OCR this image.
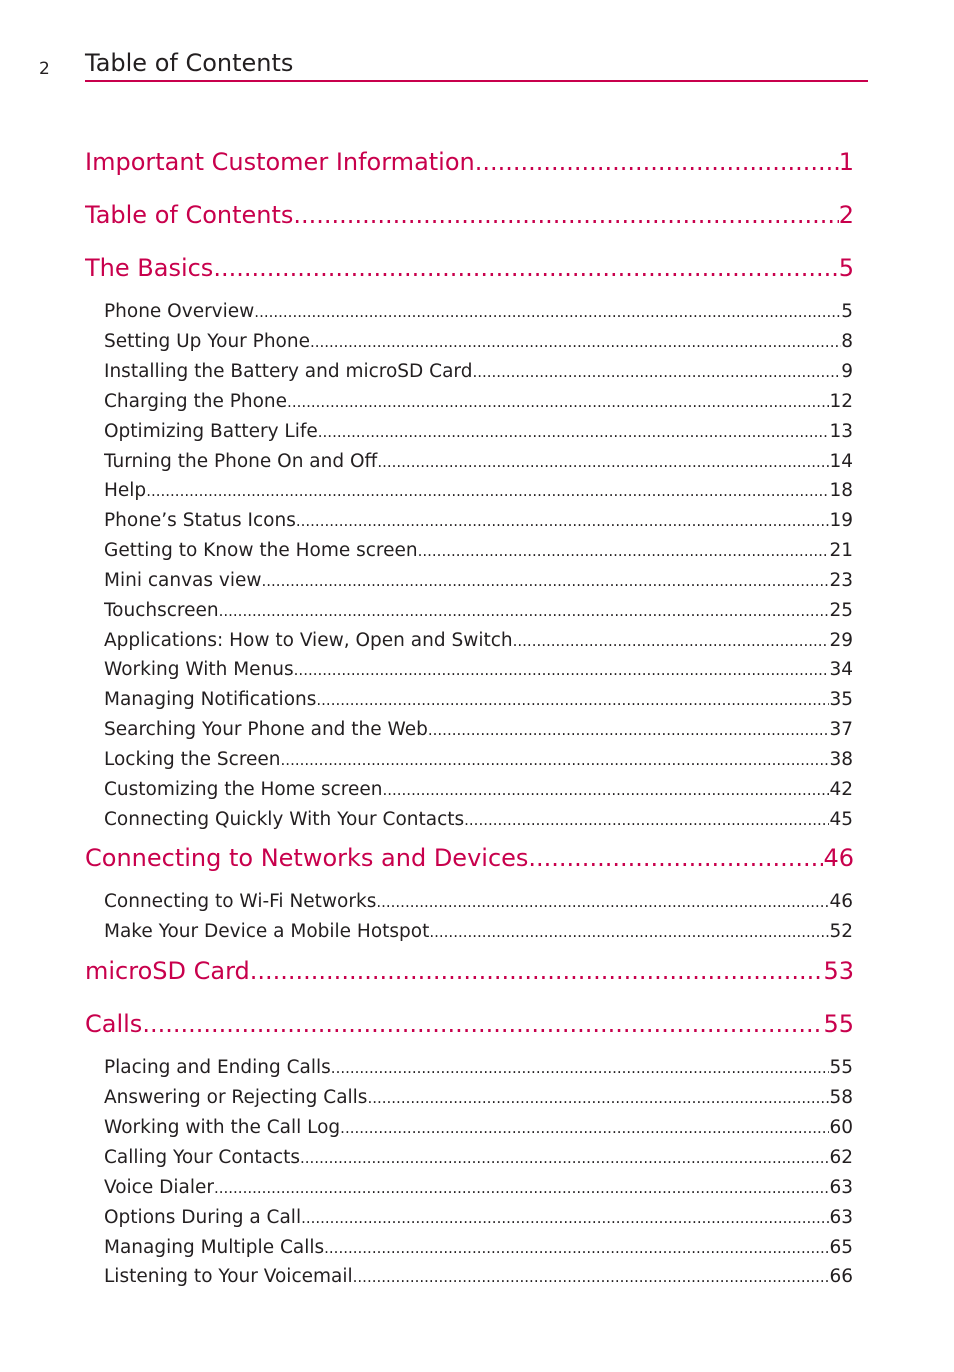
2 Table of Contents
Important Customer Information .....	1
Table of Contents .....	2
The Basics .....	5
Phone Overview .....	5
Setting Up Your Phone .....	8
Installing the Battery and microSD Card .....	9
Charging the Phone .....	12
Optimizing Battery Life .....	13
Turning the Phone On and Off .....	14
Help .....	18
Phone’s Status Icons .....	19
Getting to Know the Home screen .....	21
Mini canvas view .....	23
Touchscreen .....	25
Applications: How to View, Open and Switch .....	29
Working With Menus .....	34
Managing Notifications .....	35
Searching Your Phone and the Web .....	37
Locking the Screen .....	38
Customizing the Home screen .....	42
Connecting Quickly With Your Contacts .....	45
Connecting to Networks and Devices .....	46
Connecting to Wi-Fi Networks .....	46
Make Your Device a Mobile Hotspot .....	52
microSD Card .....	53
Calls .....	55
Placing and Ending Calls .....	55
Answering or Rejecting Calls .....	58
Working with the Call Log .....	60
Calling Your Contacts .....	62
Voice Dialer .....	63
Options During a Call .....	63
Managing Multiple Calls .....	65
Listening to Your Voicemail .....	66
